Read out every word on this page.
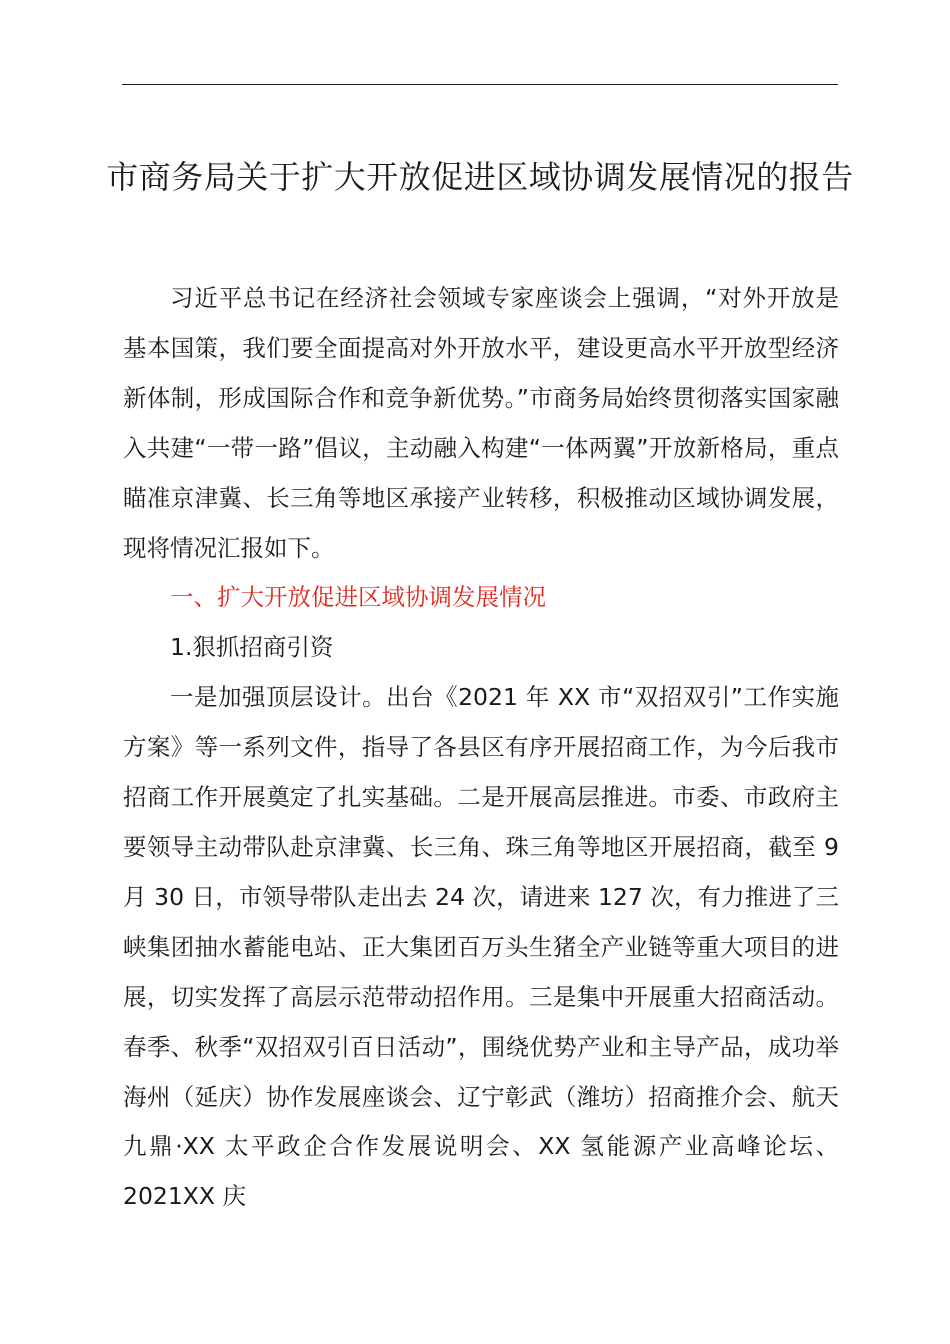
市商务局关于扩大开放促进区域协调发展情况的报告

习近平总书记在经济社会领域专家座谈会上强调，“对外开放是基本国策，我们要全面提高对外开放水平，建设更高水平开放型经济新体制，形成国际合作和竞争新优势。”市商务局始终贯彻落实国家融入共建“一带一路”倡议，主动融入构建“一体两翼”开放新格局，重点瞄准京津冀、长三角等地区承接产业转移，积极推动区域协调发展，现将情况汇报如下。

一、扩大开放促进区域协调发展情况

1.狠抓招商引资

一是加强顶层设计。出台《2021 年 XX 市“双招双引”工作实施方案》等一系列文件，指导了各县区有序开展招商工作，为今后我市招商工作开展奠定了扎实基础。二是开展高层推进。市委、市政府主要领导主动带队赴京津冀、长三角、珠三角等地区开展招商，截至 9 月 30 日，市领导带队走出去 24 次，请进来 127 次，有力推进了三峡集团抽水蓄能电站、正大集团百万头生猪全产业链等重大项目的进展，切实发挥了高层示范带动招作用。三是集中开展重大招商活动。春季、秋季“双招双引百日活动”，围绕优势产业和主导产品，成功举海州（延庆）协作发展座谈会、辽宁彰武（潍坊）招商推介会、航天九鼎·XX 太平政企合作发展说明会、XX 氢能源产业高峰论坛、2021XX 庆
